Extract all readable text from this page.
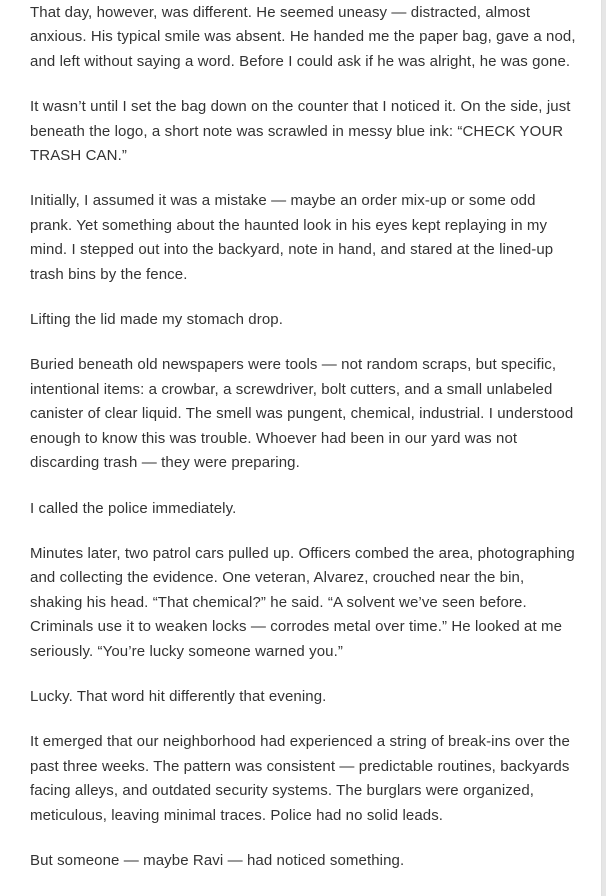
That day, however, was different. He seemed uneasy — distracted, almost anxious. His typical smile was absent. He handed me the paper bag, gave a nod, and left without saying a word. Before I could ask if he was alright, he was gone.

It wasn’t until I set the bag down on the counter that I noticed it. On the side, just beneath the logo, a short note was scrawled in messy blue ink: “CHECK YOUR TRASH CAN.”

Initially, I assumed it was a mistake — maybe an order mix-up or some odd prank. Yet something about the haunted look in his eyes kept replaying in my mind. I stepped out into the backyard, note in hand, and stared at the lined-up trash bins by the fence.

Lifting the lid made my stomach drop.

Buried beneath old newspapers were tools — not random scraps, but specific, intentional items: a crowbar, a screwdriver, bolt cutters, and a small unlabeled canister of clear liquid. The smell was pungent, chemical, industrial. I understood enough to know this was trouble. Whoever had been in our yard was not discarding trash — they were preparing.

I called the police immediately.

Minutes later, two patrol cars pulled up. Officers combed the area, photographing and collecting the evidence. One veteran, Alvarez, crouched near the bin, shaking his head. “That chemical?” he said. “A solvent we’ve seen before. Criminals use it to weaken locks — corrodes metal over time.” He looked at me seriously. “You’re lucky someone warned you.”

Lucky. That word hit differently that evening.

It emerged that our neighborhood had experienced a string of break-ins over the past three weeks. The pattern was consistent — predictable routines, backyards facing alleys, and outdated security systems. The burglars were organized, meticulous, leaving minimal traces. Police had no solid leads.

But someone — maybe Ravi — had noticed something.
